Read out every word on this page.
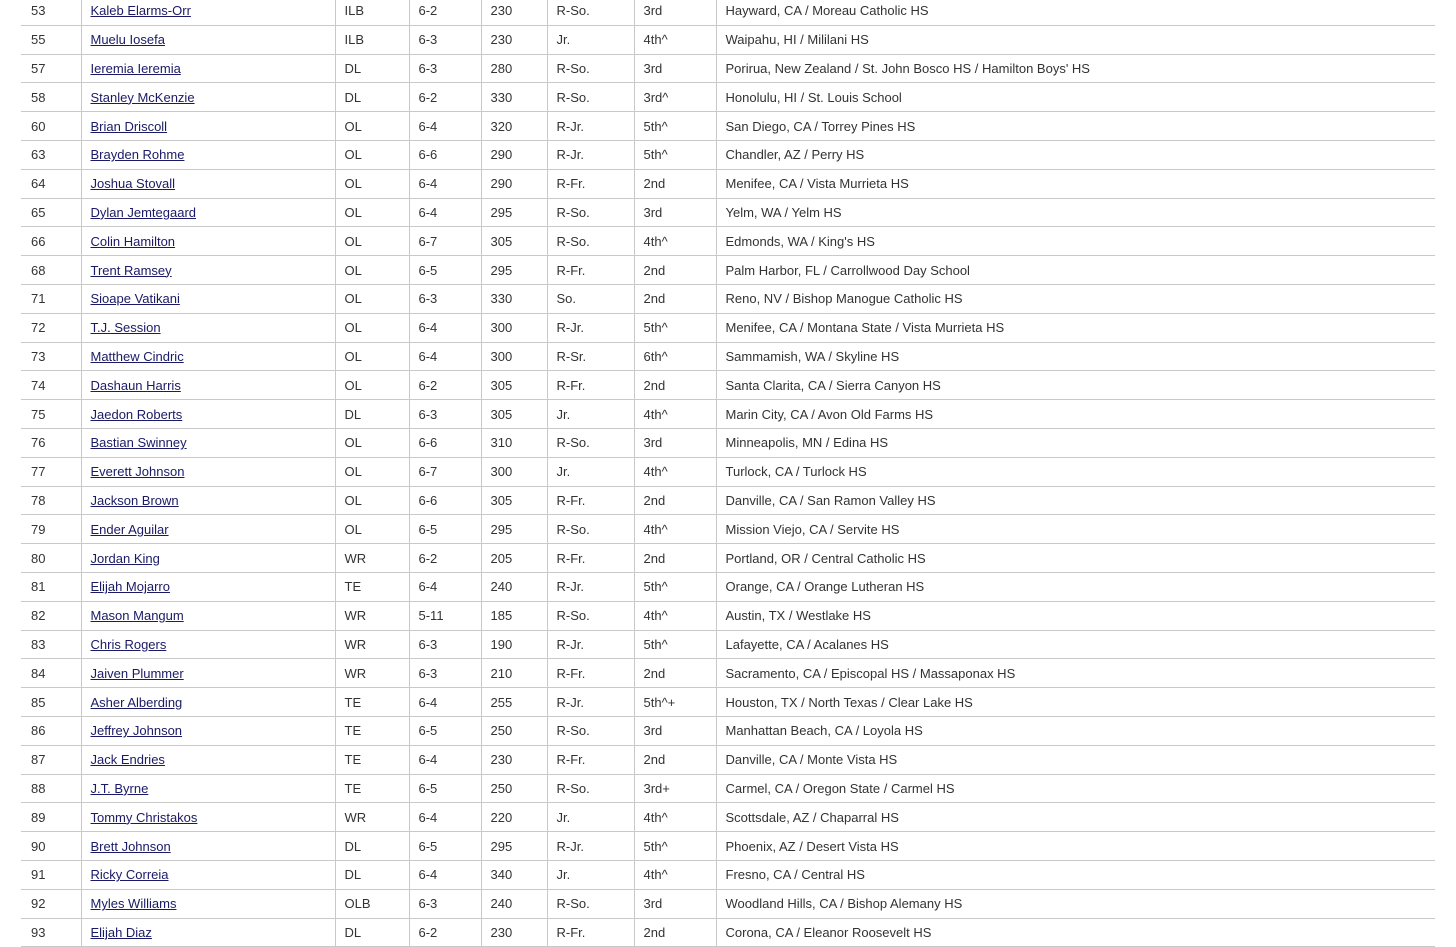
53	Kaleb Elarms-Orr	ILB	6-2	230	R-So.	3rd	Hayward, CA / Moreau Catholic HS
55	Muelu Iosefa	ILB	6-3	230	Jr.	4th^	Waipahu, HI / Mililani HS
57	Ieremia Ieremia	DL	6-3	280	R-So.	3rd	Porirua, New Zealand / St. John Bosco HS / Hamilton Boys' HS
58	Stanley McKenzie	DL	6-2	330	R-So.	3rd^	Honolulu, HI / St. Louis School
60	Brian Driscoll	OL	6-4	320	R-Jr.	5th^	San Diego, CA / Torrey Pines HS
63	Brayden Rohme	OL	6-6	290	R-Jr.	5th^	Chandler, AZ / Perry HS
64	Joshua Stovall	OL	6-4	290	R-Fr.	2nd	Menifee, CA / Vista Murrieta HS
65	Dylan Jemtegaard	OL	6-4	295	R-So.	3rd	Yelm, WA / Yelm HS
66	Colin Hamilton	OL	6-7	305	R-So.	4th^	Edmonds, WA / King's HS
68	Trent Ramsey	OL	6-5	295	R-Fr.	2nd	Palm Harbor, FL / Carrollwood Day School
71	Sioape Vatikani	OL	6-3	330	So.	2nd	Reno, NV / Bishop Manogue Catholic HS
72	T.J. Session	OL	6-4	300	R-Jr.	5th^	Menifee, CA / Montana State / Vista Murrieta HS
73	Matthew Cindric	OL	6-4	300	R-Sr.	6th^	Sammamish, WA / Skyline HS
74	Dashaun Harris	OL	6-2	305	R-Fr.	2nd	Santa Clarita, CA / Sierra Canyon HS
75	Jaedon Roberts	DL	6-3	305	Jr.	4th^	Marin City, CA / Avon Old Farms HS
76	Bastian Swinney	OL	6-6	310	R-So.	3rd	Minneapolis, MN / Edina HS
77	Everett Johnson	OL	6-7	300	Jr.	4th^	Turlock, CA / Turlock HS
78	Jackson Brown	OL	6-6	305	R-Fr.	2nd	Danville, CA / San Ramon Valley HS
79	Ender Aguilar	OL	6-5	295	R-So.	4th^	Mission Viejo, CA / Servite HS
80	Jordan King	WR	6-2	205	R-Fr.	2nd	Portland, OR / Central Catholic HS
81	Elijah Mojarro	TE	6-4	240	R-Jr.	5th^	Orange, CA / Orange Lutheran HS
82	Mason Mangum	WR	5-11	185	R-So.	4th^	Austin, TX / Westlake HS
83	Chris Rogers	WR	6-3	190	R-Jr.	5th^	Lafayette, CA / Acalanes HS
84	Jaiven Plummer	WR	6-3	210	R-Fr.	2nd	Sacramento, CA / Episcopal HS / Massaponax HS
85	Asher Alberding	TE	6-4	255	R-Jr.	5th^+	Houston, TX / North Texas / Clear Lake HS
86	Jeffrey Johnson	TE	6-5	250	R-So.	3rd	Manhattan Beach, CA / Loyola HS
87	Jack Endries	TE	6-4	230	R-Fr.	2nd	Danville, CA / Monte Vista HS
88	J.T. Byrne	TE	6-5	250	R-So.	3rd+	Carmel, CA / Oregon State / Carmel HS
89	Tommy Christakos	WR	6-4	220	Jr.	4th^	Scottsdale, AZ / Chaparral HS
90	Brett Johnson	DL	6-5	295	R-Jr.	5th^	Phoenix, AZ / Desert Vista HS
91	Ricky Correia	DL	6-4	340	Jr.	4th^	Fresno, CA / Central HS
92	Myles Williams	OLB	6-3	240	R-So.	3rd	Woodland Hills, CA / Bishop Alemany HS
93	Elijah Diaz	DL	6-2	230	R-Fr.	2nd	Corona, CA / Eleanor Roosevelt HS
